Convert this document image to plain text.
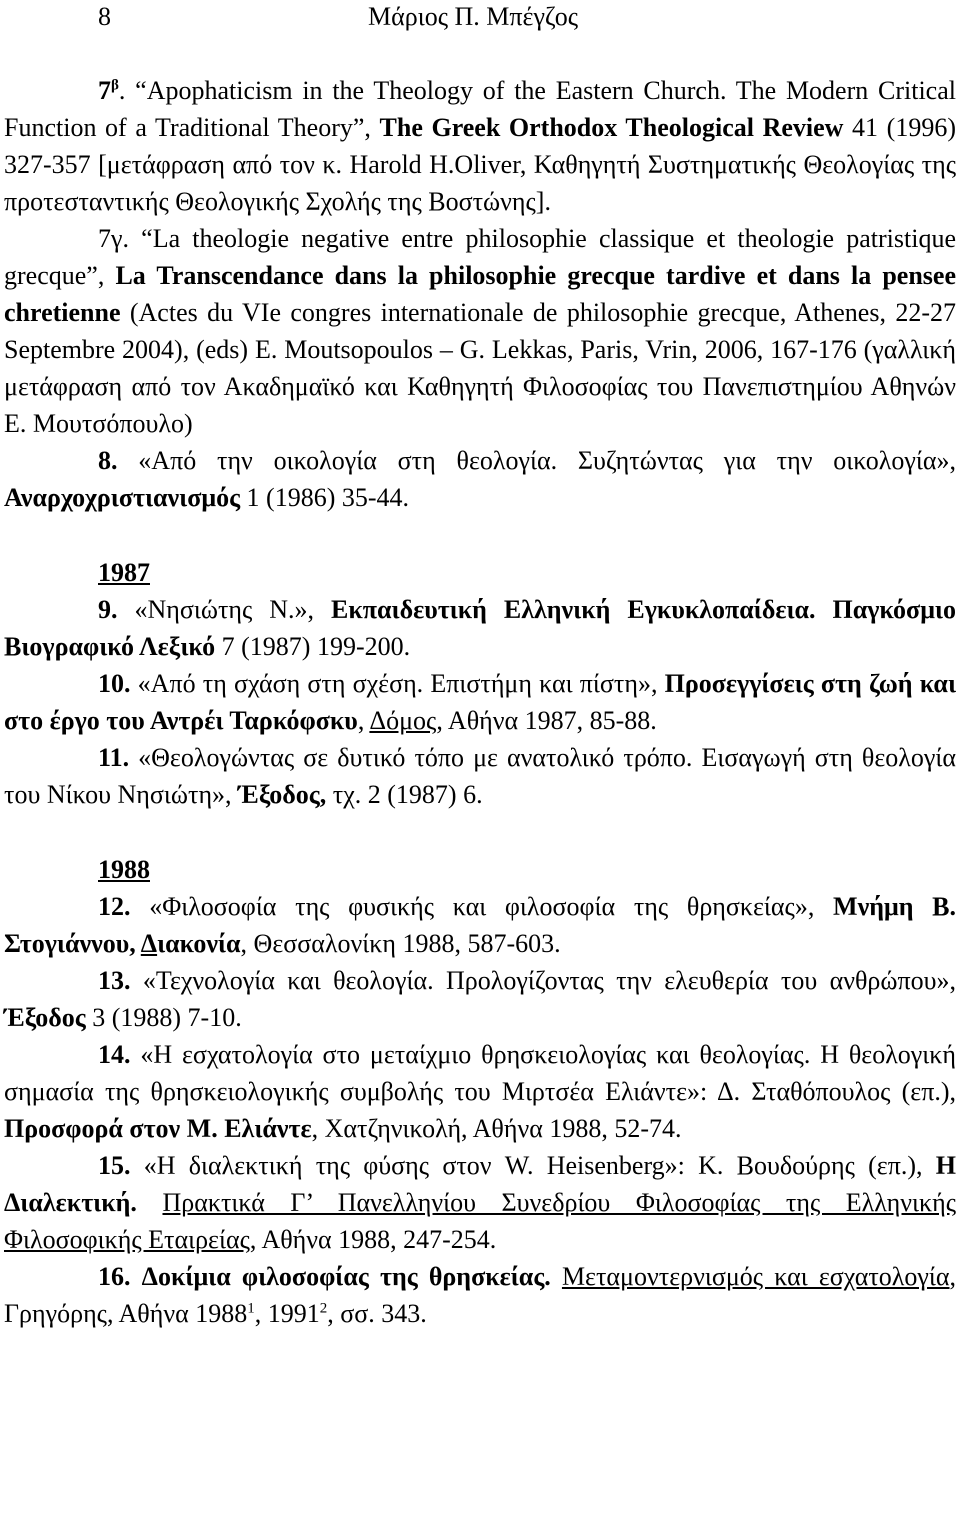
8	Μάριος Π. Μπέγζος

$7^\beta$. “Apophaticism in the Theology of the Eastern Church. The Modern Critical Function of a Traditional Theory”, The Greek Orthodox Theological Review 41 (1996) 327-357 [μετάφραση από τον κ. Harold H.Oliver, Καθηγητή Συστηματικής Θεολογίας της προτεσταντικής Θεολογικής Σχολής της Βοστώνης].

7γ. “La theologie negative entre philosophie classique et theologie patristique grecque”, La Transcendance dans la philosophie grecque tardive et dans la pensee chretienne (Actes du VIe congres internationale de philosophie grecque, Athenes, 22-27 Septembre 2004), (eds) E. Moutsopoulos – G. Lekkas, Paris, Vrin, 2006, 167-176 (γαλλική μετάφραση από τον Ακαδημαϊκό και Καθηγητή Φιλοσοφίας του Πανεπιστημίου Αθηνών Ε. Μουτσόπουλο)

8. «Από την οικολογία στη θεολογία. Συζητώντας για την οικολογία», Αναρχοχριστιανισμός 1 (1986) 35-44.

1987

9. «Νησιώτης Ν.», Εκπαιδευτική Ελληνική Εγκυκλοπαίδεια. Παγκόσμιο Βιογραφικό Λεξικό 7 (1987) 199-200.

10. «Από τη σχάση στη σχέση. Επιστήμη και πίστη», Προσεγγίσεις στη ζωή και στο έργο του Αντρέι Ταρκόφσκυ, Δόμος, Αθήνα 1987, 85-88.

11. «Θεολογώντας σε δυτικό τόπο με ανατολικό τρόπο. Εισαγωγή στη θεολογία του Νίκου Νησιώτη», Έξοδος, τχ. 2 (1987) 6.

1988

12. «Φιλοσοφία της φυσικής και φιλοσοφία της θρησκείας», Μνήμη Β. Στογιάννου, Διακονία, Θεσσαλονίκη 1988, 587-603.

13. «Τεχνολογία και θεολογία. Προλογίζοντας την ελευθερία του ανθρώπου», Έξοδος 3 (1988) 7-10.

14. «Η εσχατολογία στο μεταίχμιο θρησκειολογίας και θεολογίας. Η θεολογική σημασία της θρησκειολογικής συμβολής του Μιρτσέα Ελιάντε»: Δ. Σταθόπουλος (επ.), Προσφορά στον Μ. Ελιάντε, Χατζηνικολή, Αθήνα 1988, 52-74.

15. «Η διαλεκτική της φύσης στον W. Heisenberg»: Κ. Βουδούρης (επ.), Η Διαλεκτική. Πρακτικά Γ’ Πανελληνίου Συνεδρίου Φιλοσοφίας της Ελληνικής Φιλοσοφικής Εταιρείας, Αθήνα 1988, 247-254.

16. Δοκίμια φιλοσοφίας της θρησκείας. Μεταμοντερνισμός και εσχατολογία, Γρηγόρης, Αθήνα 1988$^1$, 1991$^2$, σσ. 343.
